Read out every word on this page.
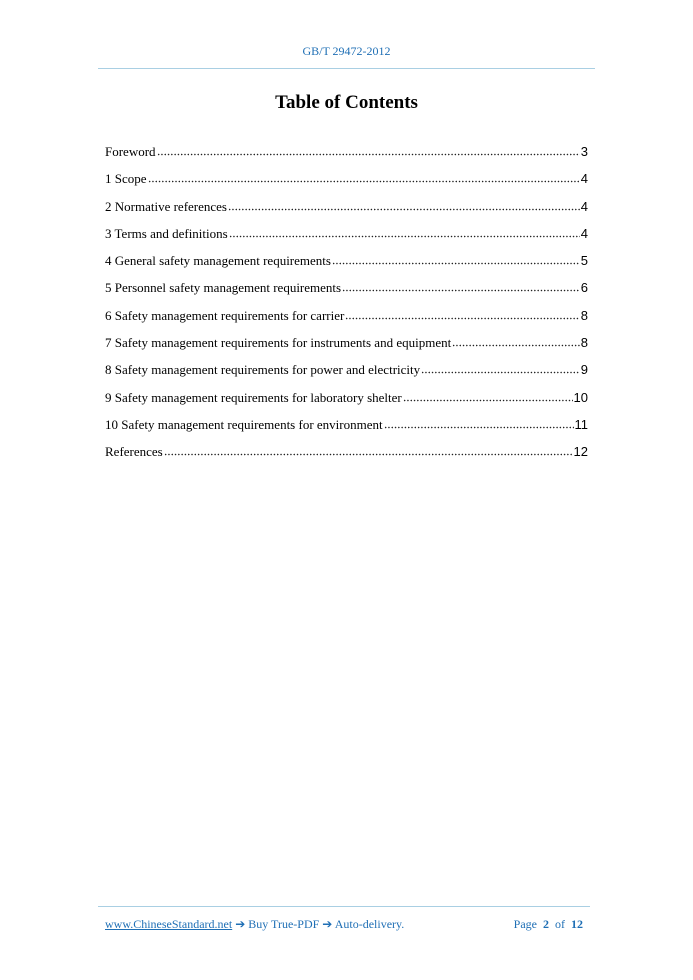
GB/T 29472-2012
Table of Contents
Foreword	3
1 Scope	4
2 Normative references	4
3 Terms and definitions	4
4 General safety management requirements	5
5 Personnel safety management requirements	6
6 Safety management requirements for carrier	8
7 Safety management requirements for instruments and equipment	8
8 Safety management requirements for power and electricity	9
9 Safety management requirements for laboratory shelter	10
10 Safety management requirements for environment	11
References	12
www.ChineseStandard.net ➔ Buy True-PDF ➔ Auto-delivery.	Page 2 of 12
